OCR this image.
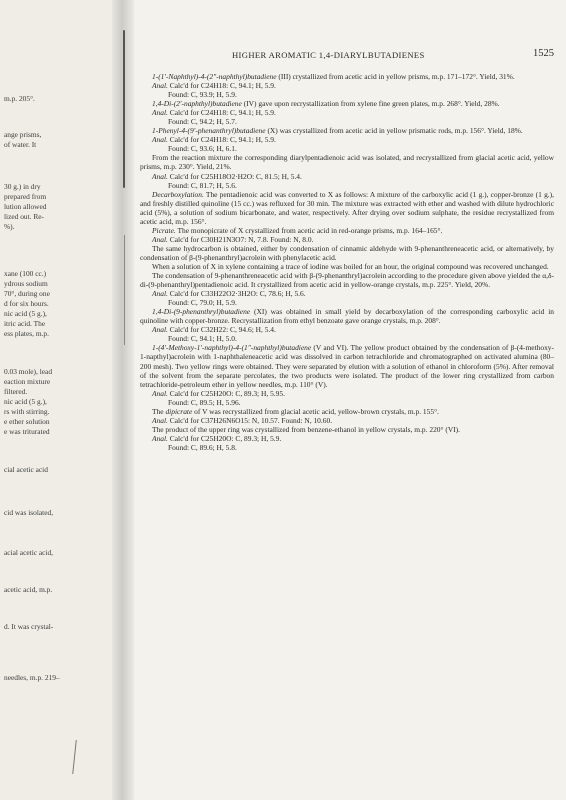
m.p. 205°.
ange prisms,
of water. It
30 g.) in dry
prepared from
lution allowed
lized out. Re-
%).
xane (100 cc.)
ydrous sodium
70°, during one
d for six hours.
nic acid (5 g.),
itric acid. The
ess plates, m.p.
0.03 mole), lead
eaction mixture
filtered.
nic acid (5 g.),
rs with stirring.
e ether solution
e was triturated
cial acetic acid
cid was isolated,
acial acetic acid,
acetic acid, m.p.
d. It was crystal-
needles, m.p. 219–
HIGHER AROMATIC 1,4-DIARYLBUTADIENES	1525

1-(1′-Naphthyl)-4-(2″-naphthyl)butadiene (III) crystallized from acetic acid in yellow prisms, m.p. 171–172°. Yield, 31%.

Anal. Calc'd for C24H18: C, 94.1; H, 5.9.

Found: C, 93.9; H, 5.9.

1,4-Di-(2′-naphthyl)butadiene (IV) gave upon recrystallization from xylene fine green plates, m.p. 268°. Yield, 28%.

Anal. Calc'd for C24H18: C, 94.1; H, 5.9.

Found: C, 94.2; H, 5.7.

1-Phenyl-4-(9′-phenanthryl)butadiene (X) was crystallized from acetic acid in yellow prismatic rods, m.p. 156°. Yield, 18%.

Anal. Calc'd for C24H18: C, 94.1; H, 5.9.

Found: C, 93.6; H, 6.1.

From the reaction mixture the corresponding diarylpentadienoic acid was isolated, and recrystallized from glacial acetic acid, yellow prisms, m.p. 230°. Yield, 21%.

Anal. Calc'd for C25H18O2·H2O: C, 81.5; H, 5.4.

Found: C, 81.7; H, 5.6.

Decarboxylation. The pentadienoic acid was converted to X as follows: A mixture of the carboxylic acid (1 g.), copper-bronze (1 g.), and freshly distilled quinoline (15 cc.) was refluxed for 30 min. The mixture was extracted with ether and washed with dilute hydrochloric acid (5%), a solution of sodium bicarbonate, and water, respectively. After drying over sodium sulphate, the residue recrystallized from acetic acid, m.p. 156°.

Picrate. The monopicrate of X crystallized from acetic acid in red-orange prisms, m.p. 164–165°.

Anal. Calc'd for C30H21N3O7: N, 7.8. Found: N, 8.0.

The same hydrocarbon is obtained, either by condensation of cinnamic aldehyde with 9-phenanthreneacetic acid, or alternatively, by condensation of β-(9-phenanthryl)acrolein with phenylacetic acid.

When a solution of X in xylene containing a trace of iodine was boiled for an hour, the original compound was recovered unchanged.

The condensation of 9-phenanthreneacetic acid with β-(9-phenanthryl)acrolein according to the procedure given above yielded the α,δ-di-(9-phenanthryl)pentadienoic acid. It crystallized from acetic acid in yellow-orange crystals, m.p. 225°. Yield, 20%.

Anal. Calc'd for C33H22O2·3H2O: C, 78.6; H, 5.6.

Found: C, 79.0; H, 5.9.

1,4-Di-(9-phenanthryl)butadiene (XI) was obtained in small yield by decarboxylation of the corresponding carboxylic acid in quinoline with copper-bronze. Recrystallization from ethyl benzoate gave orange crystals, m.p. 208°.

Anal. Calc'd for C32H22: C, 94.6; H, 5.4.

Found: C, 94.1; H, 5.0.

1-(4′-Methoxy-1′-naphthyl)-4-(1″-naphthyl)butadiene (V and VI). The yellow product obtained by the condensation of β-(4-methoxy-1-napthyl)acrolein with 1-naphthaleneacetic acid was dissolved in carbon tetrachloride and chromatographed on activated alumina (80–200 mesh). Two yellow rings were obtained. They were separated by elution with a solution of ethanol in chloroform (5%). After removal of the solvent from the separate percolates, the two products were isolated. The product of the lower ring crystallized from carbon tetrachloride-petroleum ether in yellow needles, m.p. 110° (V).

Anal. Calc'd for C25H20O: C, 89.3; H, 5.95.

Found: C, 89.5; H, 5.96.

The dipicrate of V was recrystallized from glacial acetic acid, yellow-brown crystals, m.p. 155°.

Anal. Calc'd for C37H26N6O15: N, 10.57. Found: N, 10.60.

The product of the upper ring was crystallized from benzene-ethanol in yellow crystals, m.p. 220° (VI).

Anal. Calc'd for C25H20O: C, 89.3; H, 5.9.

Found: C, 89.6; H, 5.8.
